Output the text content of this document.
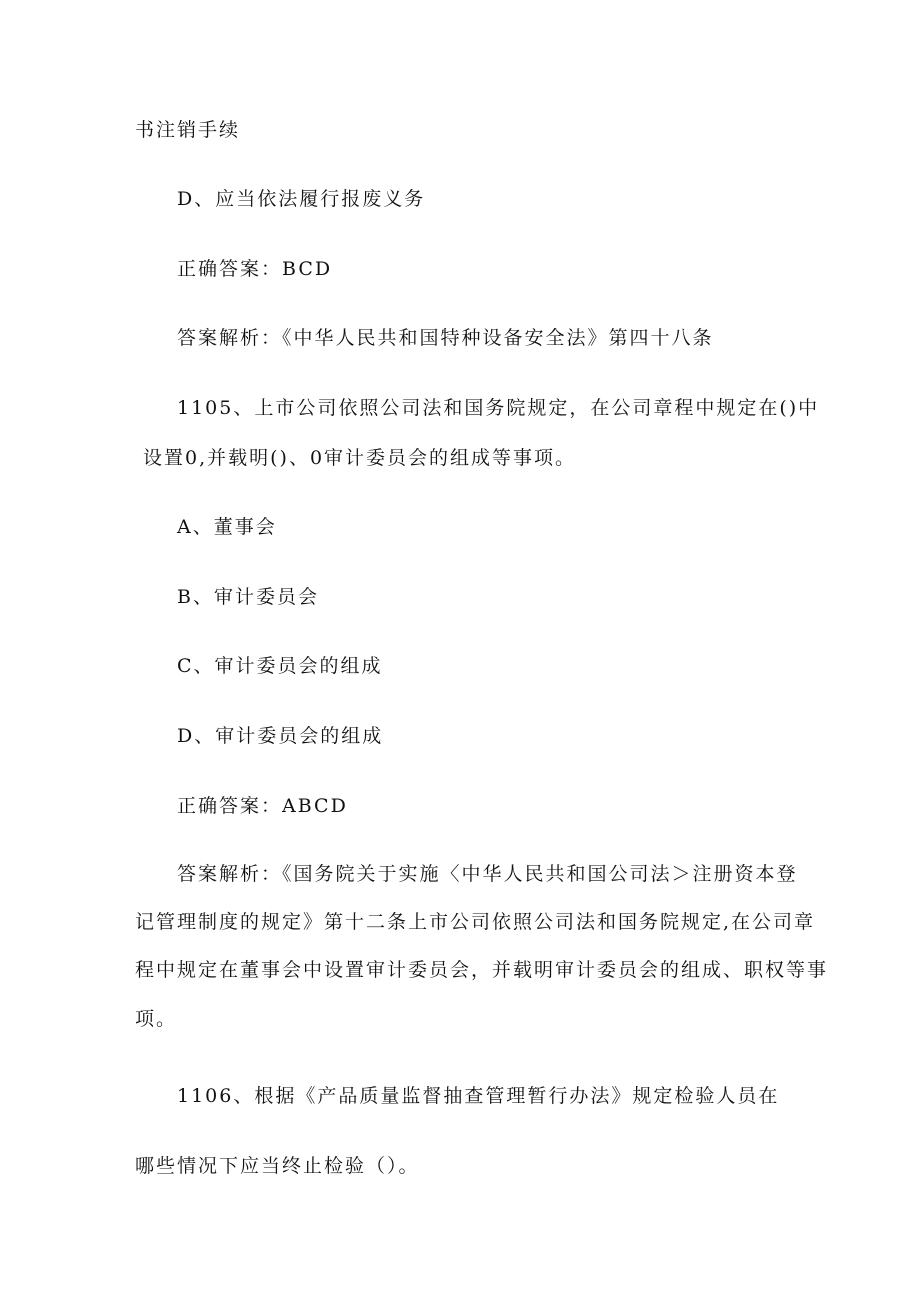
书注销手续

D、应当依法履行报废义务

正确答案：BCD

答案解析：《中华人民共和国特种设备安全法》第四十八条

1105、上市公司依照公司法和国务院规定，在公司章程中规定在()中

设置0,并载明()、0审计委员会的组成等事项。

A、董事会

B、审计委员会

C、审计委员会的组成

D、审计委员会的组成

正确答案：ABCD

答案解析：《国务院关于实施〈中华人民共和国公司法＞注册资本登

记管理制度的规定》第十二条上市公司依照公司法和国务院规定,在公司章

程中规定在董事会中设置审计委员会，并载明审计委员会的组成、职权等事

项。

1106、根据《产品质量监督抽查管理暂行办法》规定检验人员在

哪些情况下应当终止检验（）。
